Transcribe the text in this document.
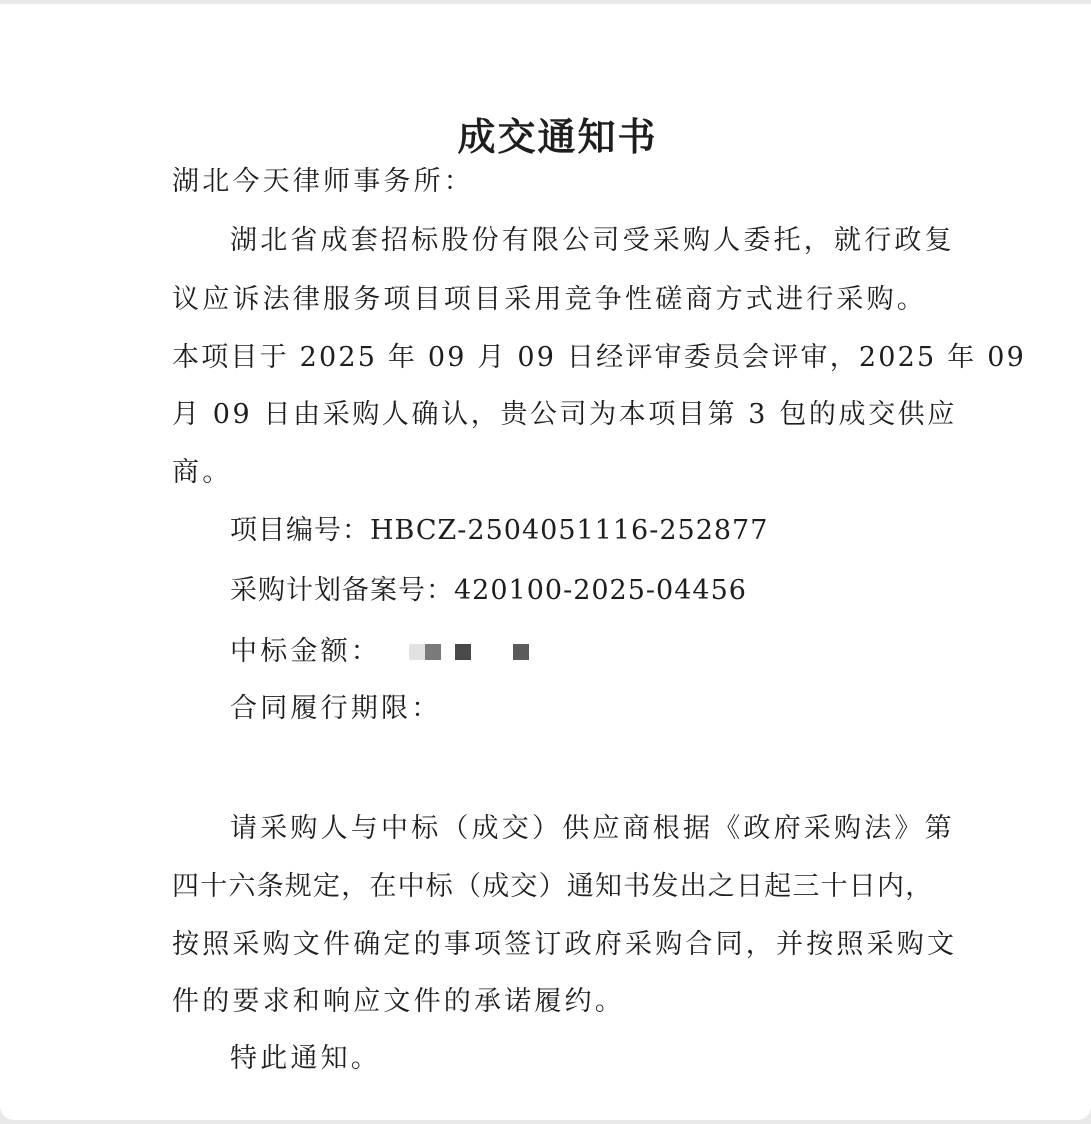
成交通知书
湖北今天律师事务所：
湖北省成套招标股份有限公司受采购人委托，就行政复
议应诉法律服务项目项目采用竞争性磋商方式进行采购。
本项目于 2025 年 09 月 09 日经评审委员会评审，2025 年 09
月 09 日由采购人确认，贵公司为本项目第 3 包的成交供应
商。
项目编号：HBCZ-2504051116-252877
采购计划备案号：420100-2025-04456
中标金额：
合同履行期限：
请采购人与中标（成交）供应商根据《政府采购法》第
四十六条规定，在中标（成交）通知书发出之日起三十日内，
按照采购文件确定的事项签订政府采购合同，并按照采购文
件的要求和响应文件的承诺履约。
特此通知。
